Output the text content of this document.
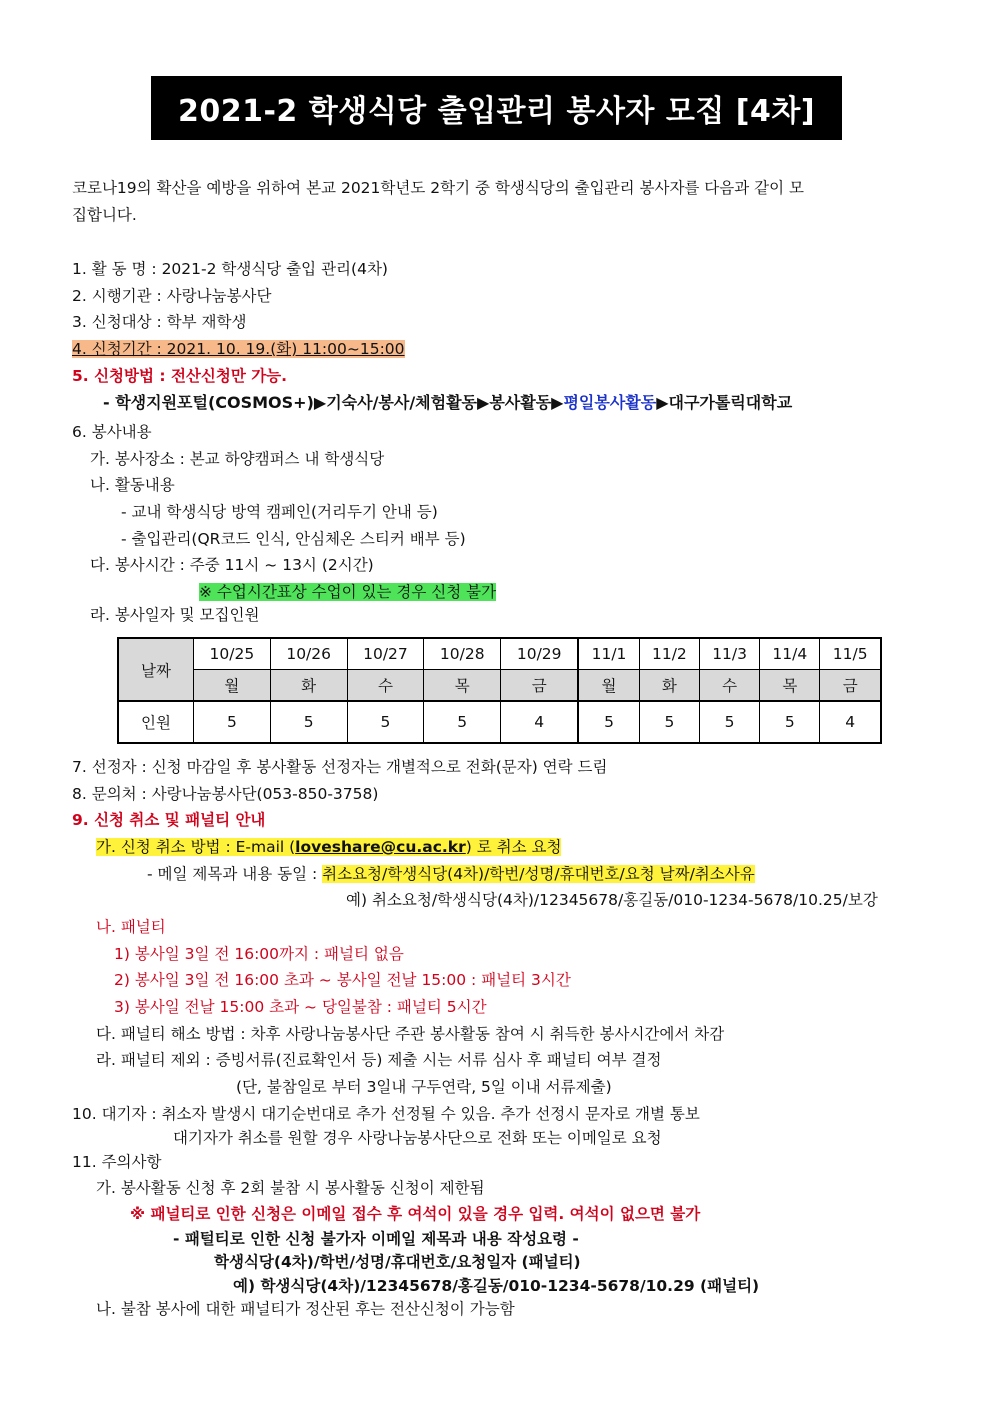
2021-2 학생식당 출입관리 봉사자 모집 [4차]
코로나19의 확산을 예방을 위하여 본교 2021학년도 2학기 중 학생식당의 출입관리 봉사자를 다음과 같이 모
집합니다.
1. 활 동 명 : 2021-2 학생식당 출입 관리(4차)
2. 시행기관 : 사랑나눔봉사단
3. 신청대상 : 학부 재학생
4. 신청기간 : 2021. 10. 19.(화) 11:00~15:00
5. 신청방법 : 전산신청만 가능.
- 학생지원포털(COSMOS+)▶기숙사/봉사/체험활동▶봉사활동▶평일봉사활동▶대구가톨릭대학교
6. 봉사내용
가. 봉사장소 : 본교 하양캠퍼스 내 학생식당
나. 활동내용
- 교내 학생식당 방역 캠페인(거리두기 안내 등)
- 출입관리(QR코드 인식, 안심체온 스티커 배부 등)
다. 봉사시간 : 주중 11시 ~ 13시 (2시간)
※ 수업시간표상 수업이 있는 경우 신청 불가
라. 봉사일자 및 모집인원
날짜	10/25	10/26	10/27	10/28	10/29	11/1	11/2	11/3	11/4	11/5
	월	화	수	목	금	월	화	수	목	금
인원	5	5	5	5	4	5	5	5	5	4
7. 선정자 : 신청 마감일 후 봉사활동 선정자는 개별적으로 전화(문자) 연락 드림
8. 문의처 : 사랑나눔봉사단(053-850-3758)
9. 신청 취소 및 패널티 안내
가. 신청 취소 방법 : E-mail (loveshare@cu.ac.kr) 로 취소 요청
- 메일 제목과 내용 동일 : 취소요청/학생식당(4차)/학번/성명/휴대번호/요청 날짜/취소사유
예) 취소요청/학생식당(4차)/12345678/홍길동/010-1234-5678/10.25/보강
나. 패널티
1) 봉사일 3일 전 16:00까지 : 패널티 없음
2) 봉사일 3일 전 16:00 초과 ~ 봉사일 전날 15:00 : 패널티 3시간
3) 봉사일 전날 15:00 초과 ~ 당일불참 : 패널티 5시간
다. 패널티 해소 방법 : 차후 사랑나눔봉사단 주관 봉사활동 참여 시 취득한 봉사시간에서 차감
라. 패널티 제외 : 증빙서류(진료확인서 등) 제출 시는 서류 심사 후 패널티 여부 결정
(단, 불참일로 부터 3일내 구두연락, 5일 이내 서류제출)
10. 대기자 : 취소자 발생시 대기순번대로 추가 선정될 수 있음. 추가 선정시 문자로 개별 통보
대기자가 취소를 원할 경우 사랑나눔봉사단으로 전화 또는 이메일로 요청
11. 주의사항
가. 봉사활동 신청 후 2회 불참 시 봉사활동 신청이 제한됨
※ 패널티로 인한 신청은 이메일 접수 후 여석이 있을 경우 입력. 여석이 없으면 불가
- 패털티로 인한 신청 불가자 이메일 제목과 내용 작성요령 -
학생식당(4차)/학번/성명/휴대번호/요청일자 (패널티)
예) 학생식당(4차)/12345678/홍길동/010-1234-5678/10.29 (패널티)
나. 불참 봉사에 대한 패널티가 정산된 후는 전산신청이 가능함
